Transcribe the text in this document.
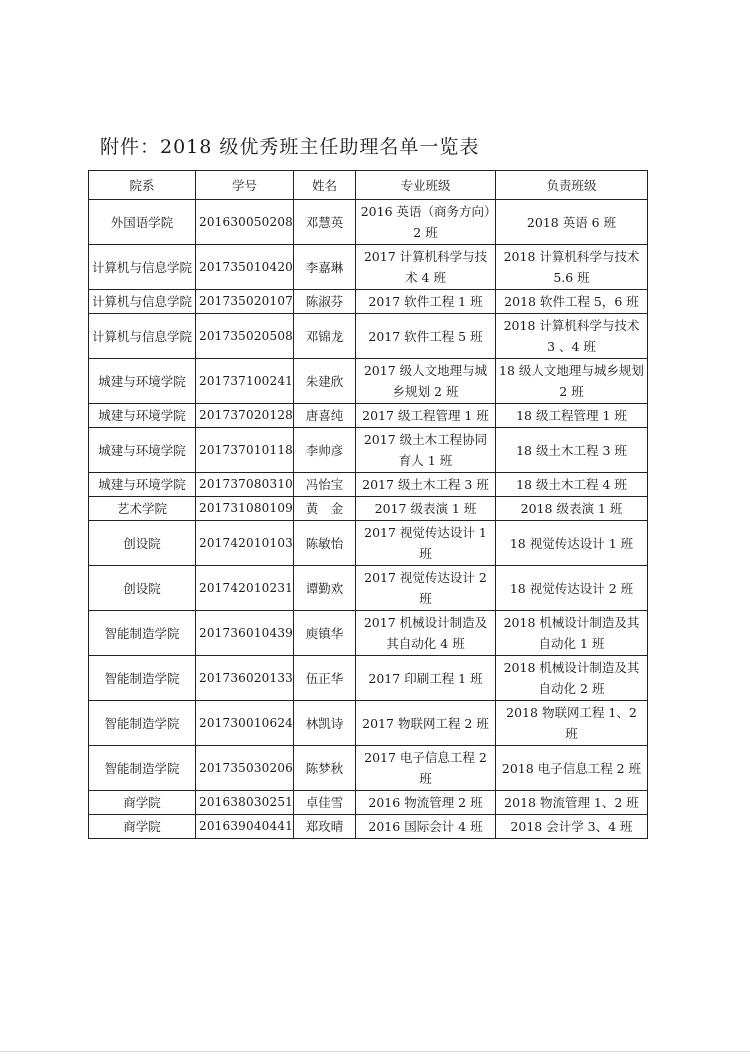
附件：2018 级优秀班主任助理名单一览表
院系	学号	姓名	专业班级	负责班级
外国语学院	201630050208	邓慧英	2016 英语（商务方向）2 班	2018 英语 6 班
计算机与信息学院	201735010420	李嘉琳	2017 计算机科学与技术 4 班	2018 计算机科学与技术 5.6 班
计算机与信息学院	201735020107	陈淑芬	2017 软件工程 1 班	2018 软件工程 5，6 班
计算机与信息学院	201735020508	邓锦龙	2017 软件工程 5 班	2018 计算机科学与技术 3 、4 班
城建与环境学院	201737100241	朱建欣	2017 级人文地理与城乡规划 2 班	18 级人文地理与城乡规划 2 班
城建与环境学院	201737020128	唐喜纯	2017 级工程管理 1 班	18 级工程管理 1 班
城建与环境学院	201737010118	李帅彦	2017 级土木工程协同育人 1 班	18 级土木工程 3 班
城建与环境学院	201737080310	冯怡宝	2017 级土木工程 3 班	18 级土木工程 4 班
艺术学院	201731080109	黄　金	2017 级表演 1 班	2018 级表演 1 班
创设院	201742010103	陈敏怡	2017 视觉传达设计 1 班	18 视觉传达设计 1 班
创设院	201742010231	谭勤欢	2017 视觉传达设计 2 班	18 视觉传达设计 2 班
智能制造学院	201736010439	庾镇华	2017 机械设计制造及其自动化 4 班	2018 机械设计制造及其自动化 1 班
智能制造学院	201736020133	伍正华	2017 印刷工程 1 班	2018 机械设计制造及其自动化 2 班
智能制造学院	201730010624	林凯诗	2017 物联网工程 2 班	2018 物联网工程 1、2 班
智能制造学院	201735030206	陈梦秋	2017 电子信息工程 2 班	2018 电子信息工程 2 班
商学院	201638030251	卓佳雪	2016 物流管理 2 班	2018 物流管理 1、2 班
商学院	201639040441	郑玫晴	2016 国际会计 4 班	2018 会计学 3、4 班
